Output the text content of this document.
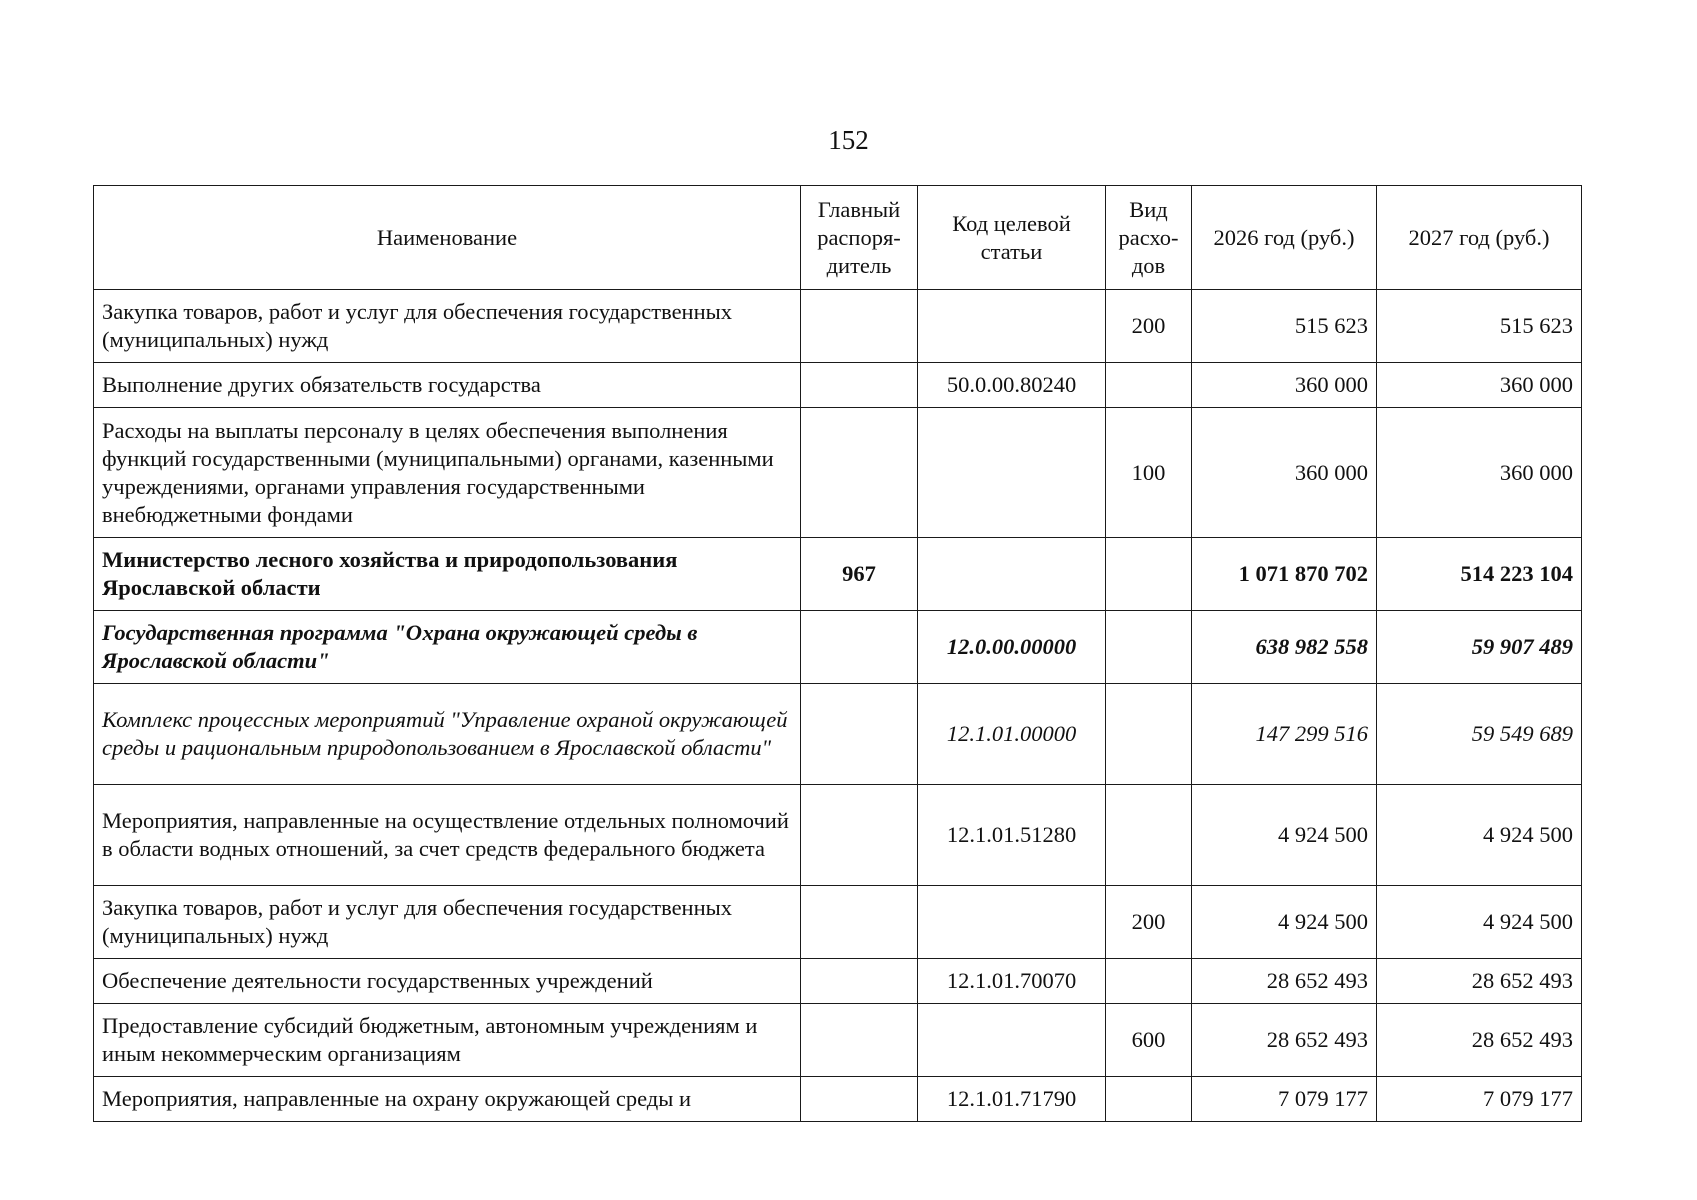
152
Наименование	Главный распоря-дитель	Код целевой статьи	Вид расхо-дов	2026 год (руб.)	2027 год (руб.)
Закупка товаров, работ и услуг для обеспечения государственных (муниципальных) нужд			200	515 623	515 623
Выполнение других обязательств государства		50.0.00.80240		360 000	360 000
Расходы на выплаты персоналу в целях обеспечения выполнения функций государственными (муниципальными) органами, казенными учреждениями, органами управления государственными внебюджетными фондами			100	360 000	360 000
Министерство лесного хозяйства и природопользования Ярославской области	967			1 071 870 702	514 223 104
Государственная программа "Охрана окружающей среды в Ярославской области"		12.0.00.00000		638 982 558	59 907 489
Комплекс процессных мероприятий "Управление охраной окружающей среды и рациональным природопользованием в Ярославской области"		12.1.01.00000		147 299 516	59 549 689
Мероприятия, направленные на осуществление отдельных полномочий в области водных отношений, за счет средств федерального бюджета		12.1.01.51280		4 924 500	4 924 500
Закупка товаров, работ и услуг для обеспечения государственных (муниципальных) нужд			200	4 924 500	4 924 500
Обеспечение деятельности государственных учреждений		12.1.01.70070		28 652 493	28 652 493
Предоставление субсидий бюджетным, автономным учреждениям и иным некоммерческим организациям			600	28 652 493	28 652 493
Мероприятия, направленные на охрану окружающей среды и		12.1.01.71790		7 079 177	7 079 177
